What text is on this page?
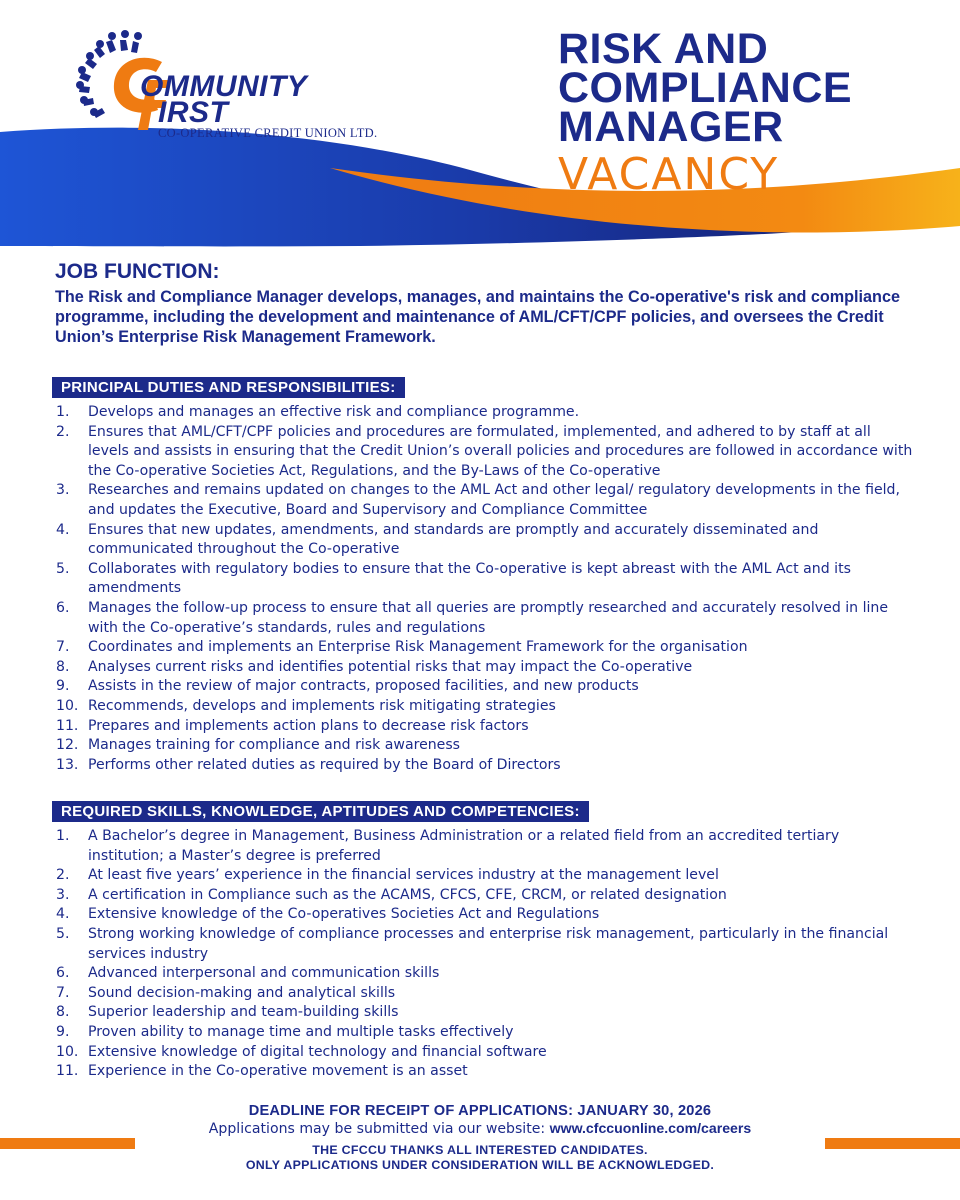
OMMUNITY
IRST
CO-OPERATIVE CREDIT UNION LTD.
RISK AND
COMPLIANCE
MANAGER
VACANCY
JOB FUNCTION:
The Risk and Compliance Manager develops, manages, and maintains the Co-operative's risk and compliance programme, including the development and maintenance of AML/CFT/CPF policies, and oversees the Credit Union’s Enterprise Risk Management Framework.
PRINCIPAL DUTIES AND RESPONSIBILITIES:
1. Develops and manages an effective risk and compliance programme.
2. Ensures that AML/CFT/CPF policies and procedures are formulated, implemented, and adhered to by staff at all levels and assists in ensuring that the Credit Union’s overall policies and procedures are followed in accordance with the Co-operative Societies Act, Regulations, and the By-Laws of the Co-operative
3. Researches and remains updated on changes to the AML Act and other legal/ regulatory developments in the field, and updates the Executive, Board and Supervisory and Compliance Committee
4. Ensures that new updates, amendments, and standards are promptly and accurately disseminated and communicated throughout the Co-operative
5. Collaborates with regulatory bodies to ensure that the Co-operative is kept abreast with the AML Act and its amendments
6. Manages the follow-up process to ensure that all queries are promptly researched and accurately resolved in line with the Co-operative’s standards, rules and regulations
7. Coordinates and implements an Enterprise Risk Management Framework for the organisation
8. Analyses current risks and identifies potential risks that may impact the Co-operative
9. Assists in the review of major contracts, proposed facilities, and new products
10. Recommends, develops and implements risk mitigating strategies
11. Prepares and implements action plans to decrease risk factors
12. Manages training for compliance and risk awareness
13. Performs other related duties as required by the Board of Directors
REQUIRED SKILLS, KNOWLEDGE, APTITUDES AND COMPETENCIES:
1. A Bachelor’s degree in Management, Business Administration or a related field from an accredited tertiary institution; a Master’s degree is preferred
2. At least five years’ experience in the financial services industry at the management level
3. A certification in Compliance such as the ACAMS, CFCS, CFE, CRCM, or related designation
4. Extensive knowledge of the Co-operatives Societies Act and Regulations
5. Strong working knowledge of compliance processes and enterprise risk management, particularly in the financial services industry
6. Advanced interpersonal and communication skills
7. Sound decision-making and analytical skills
8. Superior leadership and team-building skills
9. Proven ability to manage time and multiple tasks effectively
10. Extensive knowledge of digital technology and financial software
11. Experience in the Co-operative movement is an asset
DEADLINE FOR RECEIPT OF APPLICATIONS: JANUARY 30, 2026
Applications may be submitted via our website: www.cfccuonline.com/careers
THE CFCCU THANKS ALL INTERESTED CANDIDATES.
ONLY APPLICATIONS UNDER CONSIDERATION WILL BE ACKNOWLEDGED.
